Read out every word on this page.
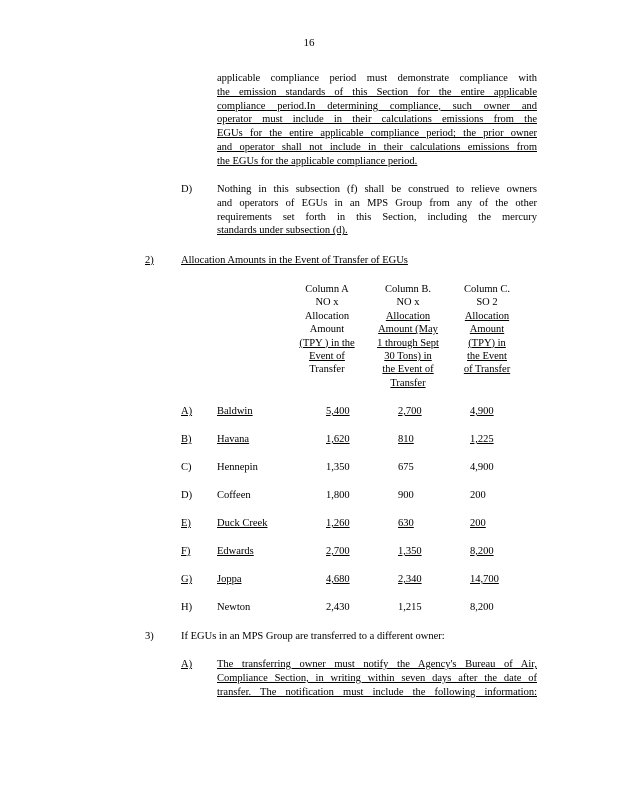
16
applicable compliance period must demonstrate compliance with
the emission standards of this Section for the entire applicable
compliance period.In determining compliance, such owner and
operator must include in their calculations emissions from the
EGUs for the entire applicable compliance period; the prior owner
and operator shall not include in their calculations emissions from
the EGUs for the applicable compliance period.
D) Nothing in this subsection (f) shall be construed to relieve owners
and operators of EGUs in an MPS Group from any of the other
requirements set forth in this Section, including the mercury
standards under subsection (d).
2)	Allocation Amounts in the Event of Transfer of EGUs
Column A
NO x
Allocation
Amount
(TPY ) in the
Event of
Transfer
Column B.
NO x
Allocation
Amount (May
1 through Sept
30 Tons) in
the Event of
Transfer
Column C.
SO 2
Allocation
Amount
(TPY) in
the Event
of Transfer
A) Baldwin	5,400	2,700	4,900
B) Havana	1,620	810	1,225
C) Hennepin	1,350	675	4,900
D) Coffeen	1,800	900	200
E) Duck Creek	1,260	630	200
F)	Edwards	2,700	1,350	8,200
G) Joppa	4,680	2,340	14,700
H) Newton	2,430	1,215	8,200
3)	If EGUs in an MPS Group are transferred to a different owner:
A) The transferring owner must notify the Agency's Bureau of Air,
Compliance Section, in writing within seven days after the date of
transfer. The notification must include the following information:
